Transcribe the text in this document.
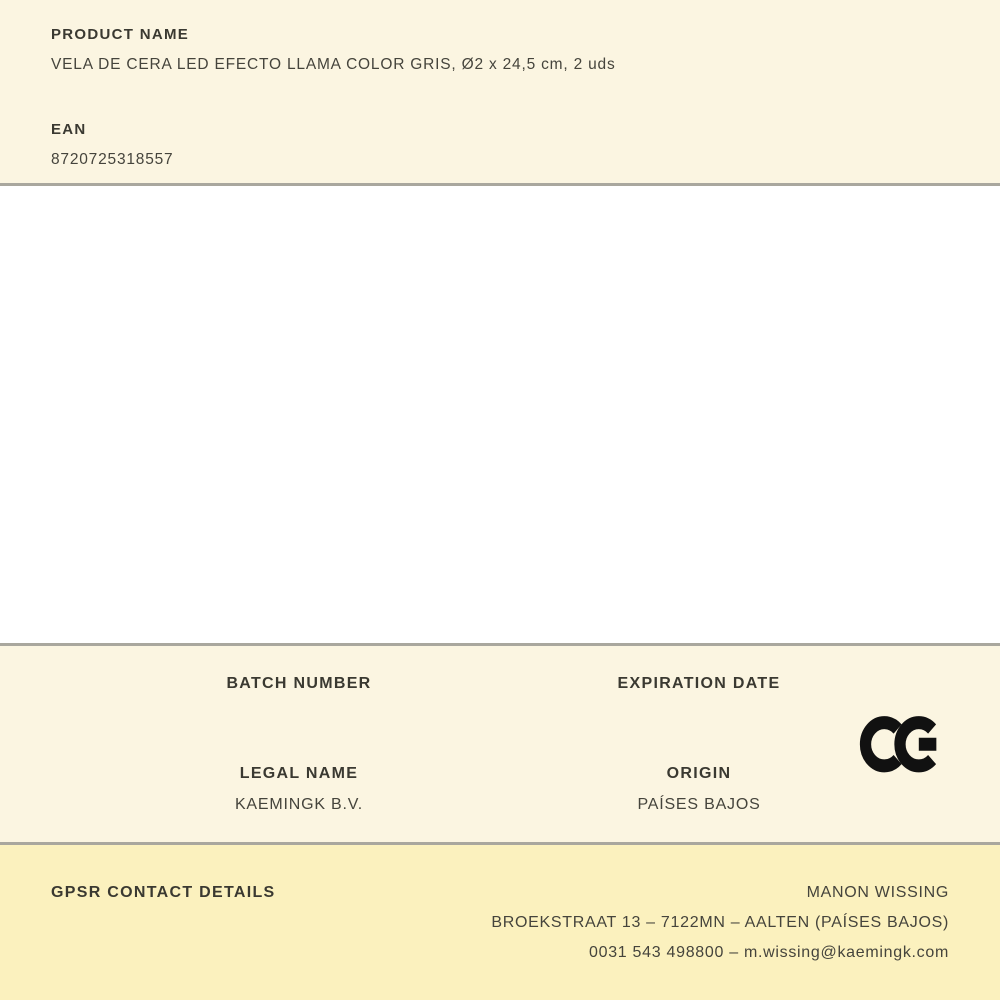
PRODUCT NAME
VELA DE CERA LED EFECTO LLAMA COLOR GRIS, Ø2 x 24,5 cm, 2 uds
EAN
8720725318557
BATCH NUMBER	EXPIRATION DATE
LEGAL NAME
KAEMINGK B.V.
ORIGIN
PAÍSES BAJOS
GPSR CONTACT DETAILS	MANON WISSING
BROEKSTRAAT 13 – 7122MN – AALTEN (PAÍSES BAJOS)
0031 543 498800 – m.wissing@kaemingk.com
